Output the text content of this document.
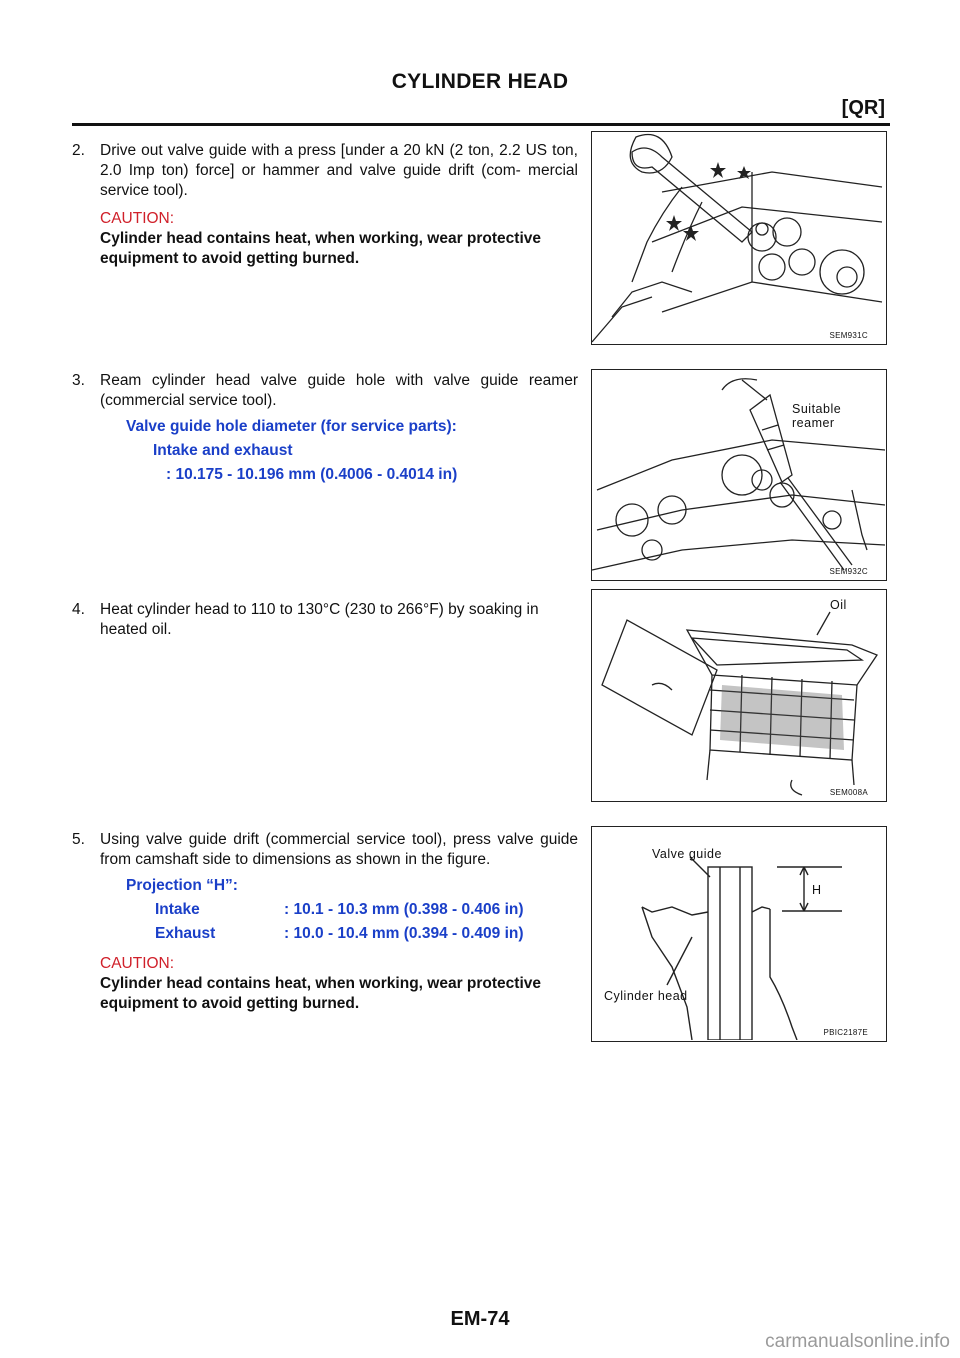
CYLINDER HEAD
[QR]
2. Drive out valve guide with a press [under a 20 kN (2 ton, 2.2 US ton, 2.0 Imp ton) force] or hammer and valve guide drift (com- mercial service tool).
CAUTION:
Cylinder head contains heat, when working, wear protective equipment to avoid getting burned.
3. Ream cylinder head valve guide hole with valve guide reamer (commercial service tool).
Valve guide hole diameter (for service parts):
Intake and exhaust
: 10.175 - 10.196 mm (0.4006 - 0.4014 in)
4. Heat cylinder head to 110 to 130°C (230 to 266°F) by soaking in heated oil.
5. Using valve guide drift (commercial service tool), press valve guide from camshaft side to dimensions as shown in the figure.
Projection “H”:
Intake	: 10.1 - 10.3 mm (0.398 - 0.406 in)
Exhaust	: 10.0 - 10.4 mm (0.394 - 0.409 in)
CAUTION:
Cylinder head contains heat, when working, wear protective equipment to avoid getting burned.
SEM931C
Suitable reamer
SEM932C
Oil
SEM008A
Valve guide
H
Cylinder head
PBIC2187E
EM-74
carmanualsonline.info
